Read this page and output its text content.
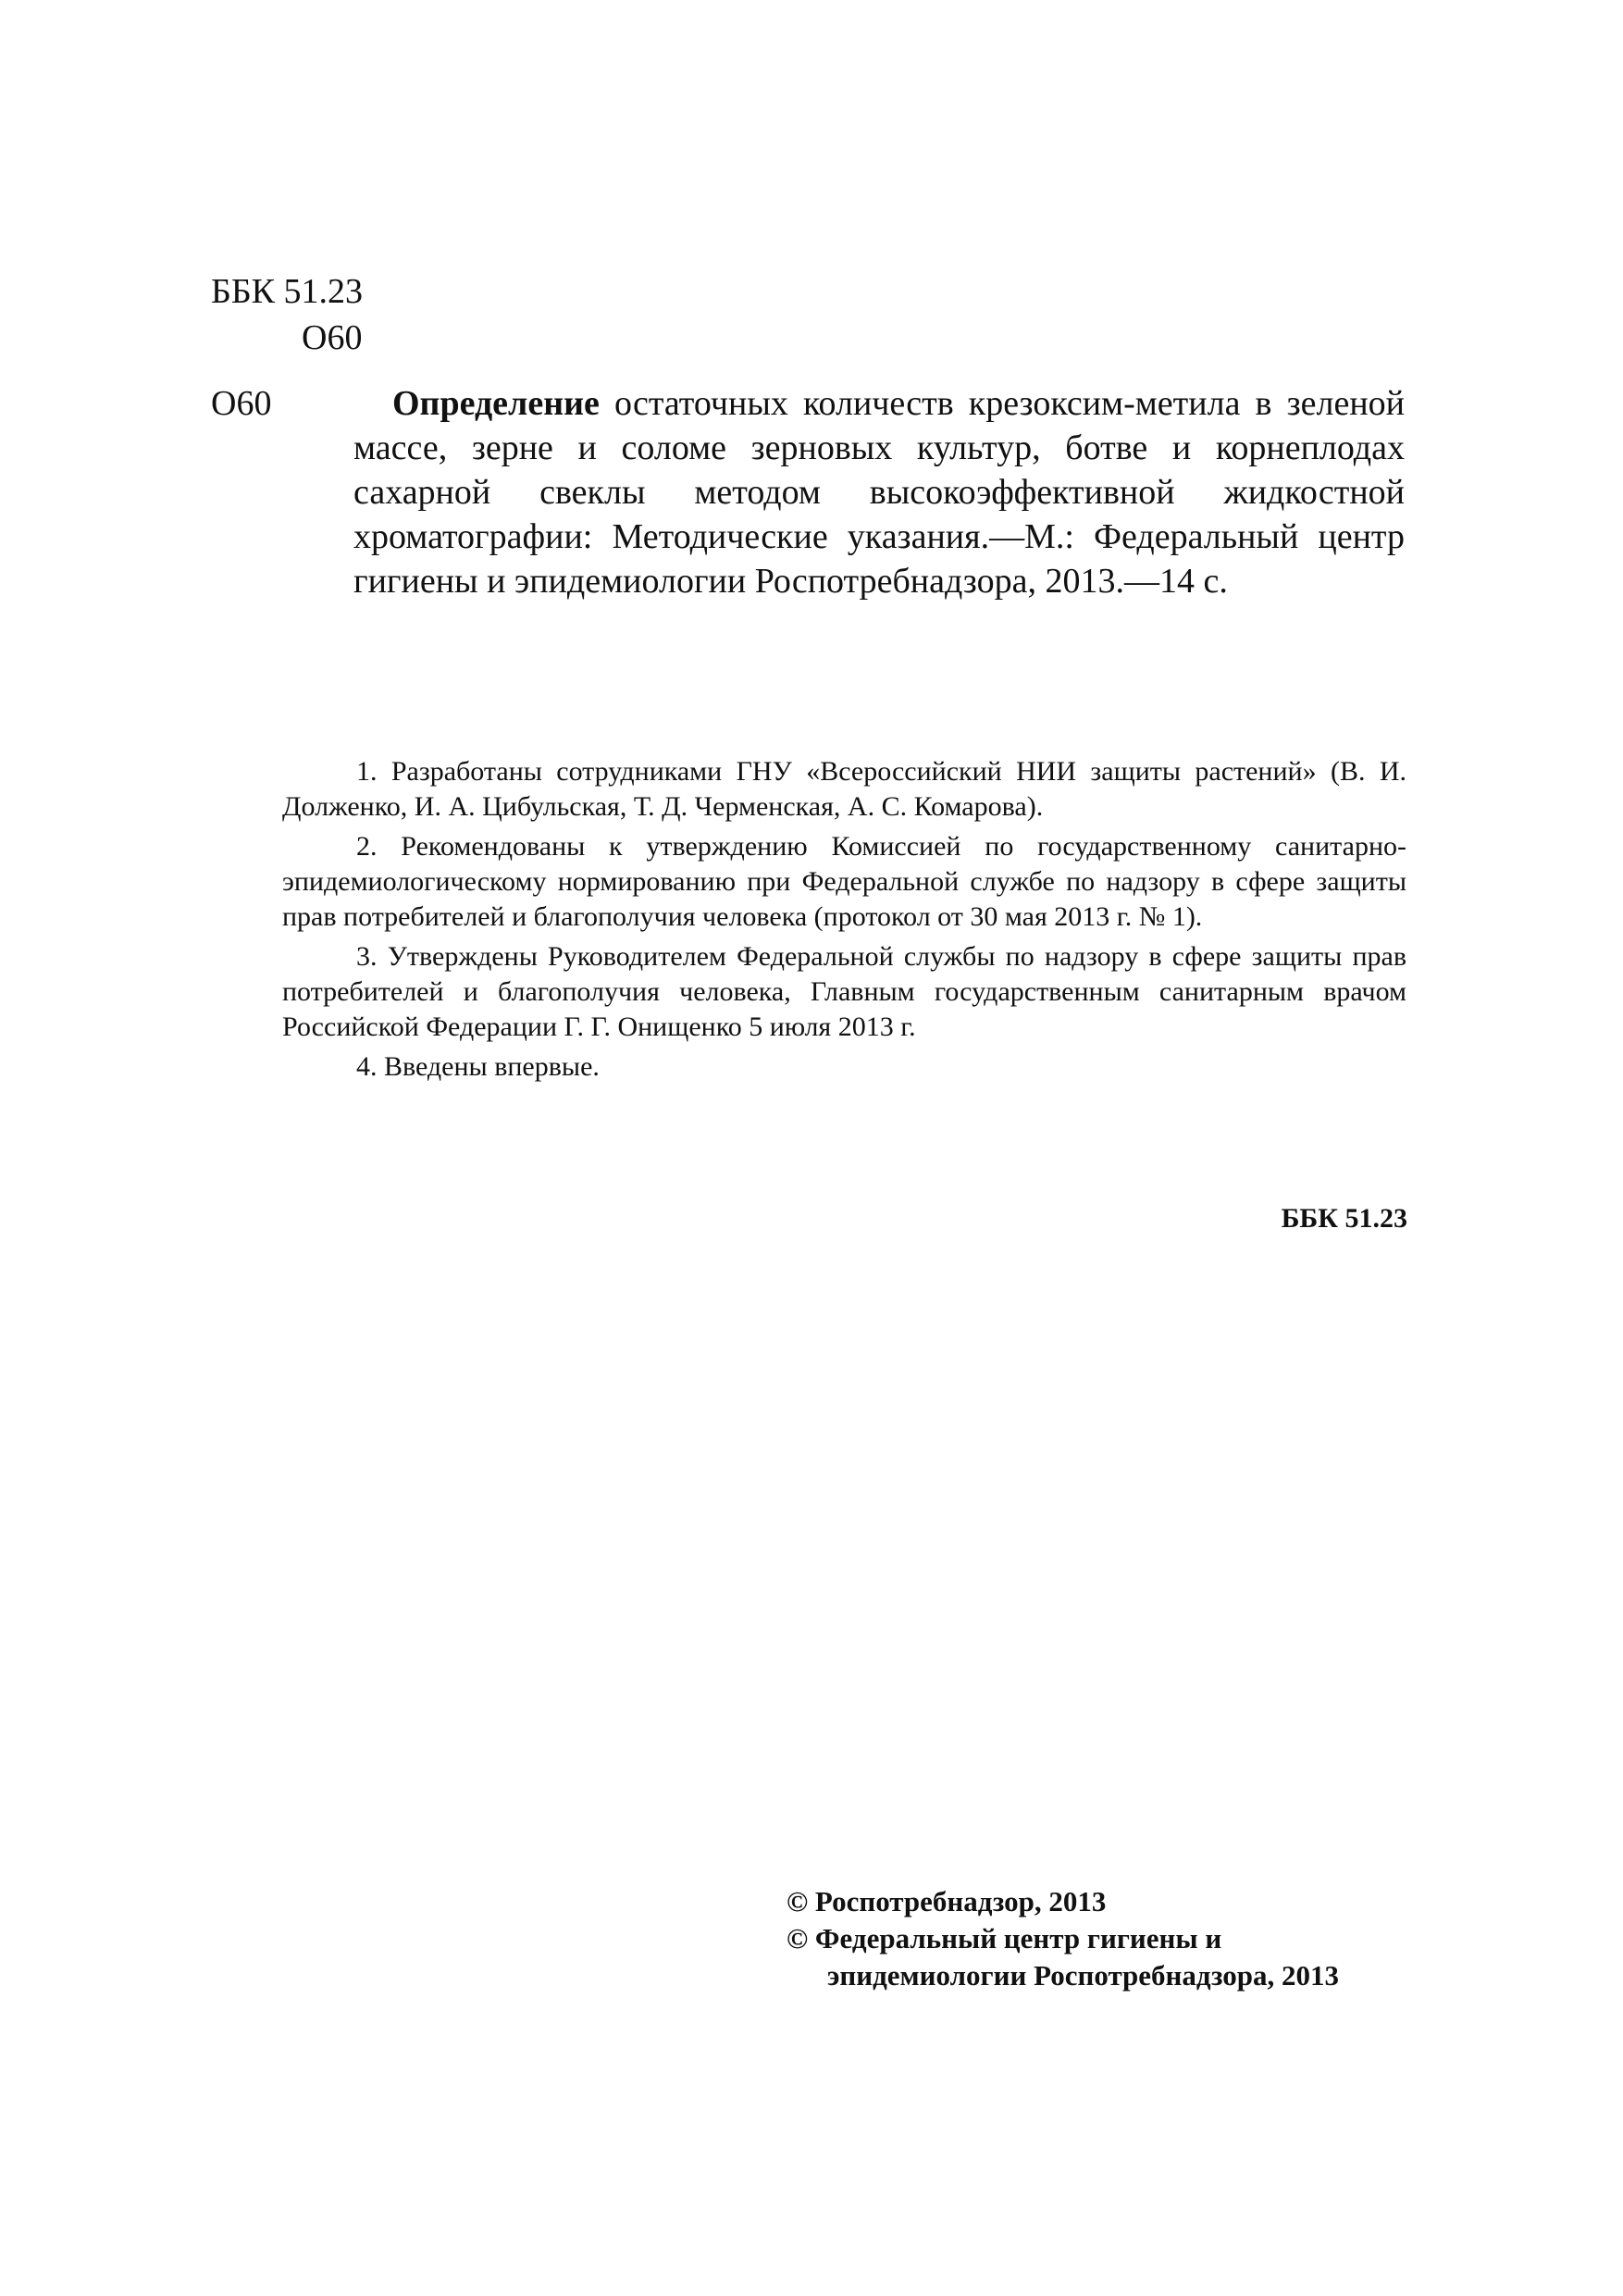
ББК 51.23
О60
О60	Определение остаточных количеств крезоксим-метила в зеленой массе, зерне и соломе зерновых культур, ботве и корнеплодах сахарной свеклы методом высокоэффективной жидкостной хроматографии: Методические указания.—М.: Федеральный центр гигиены и эпидемиологии Роспотребнадзора, 2013.—14 с.

1. Разработаны сотрудниками ГНУ «Всероссийский НИИ защиты растений» (В. И. Долженко, И. А. Цибульская, Т. Д. Черменская, А. С. Комарова).

2. Рекомендованы к утверждению Комиссией по государственному санитарно-эпидемиологическому нормированию при Федеральной службе по надзору в сфере защиты прав потребителей и благополучия человека (протокол от 30 мая 2013 г. № 1).

3. Утверждены Руководителем Федеральной службы по надзору в сфере защиты прав потребителей и благополучия человека, Главным государственным санитарным врачом Российской Федерации Г. Г. Онищенко 5 июля 2013 г.

4. Введены впервые.

ББК 51.23
© Роспотребнадзор, 2013
© Федеральный центр гигиены и
эпидемиологии Роспотребнадзора, 2013
